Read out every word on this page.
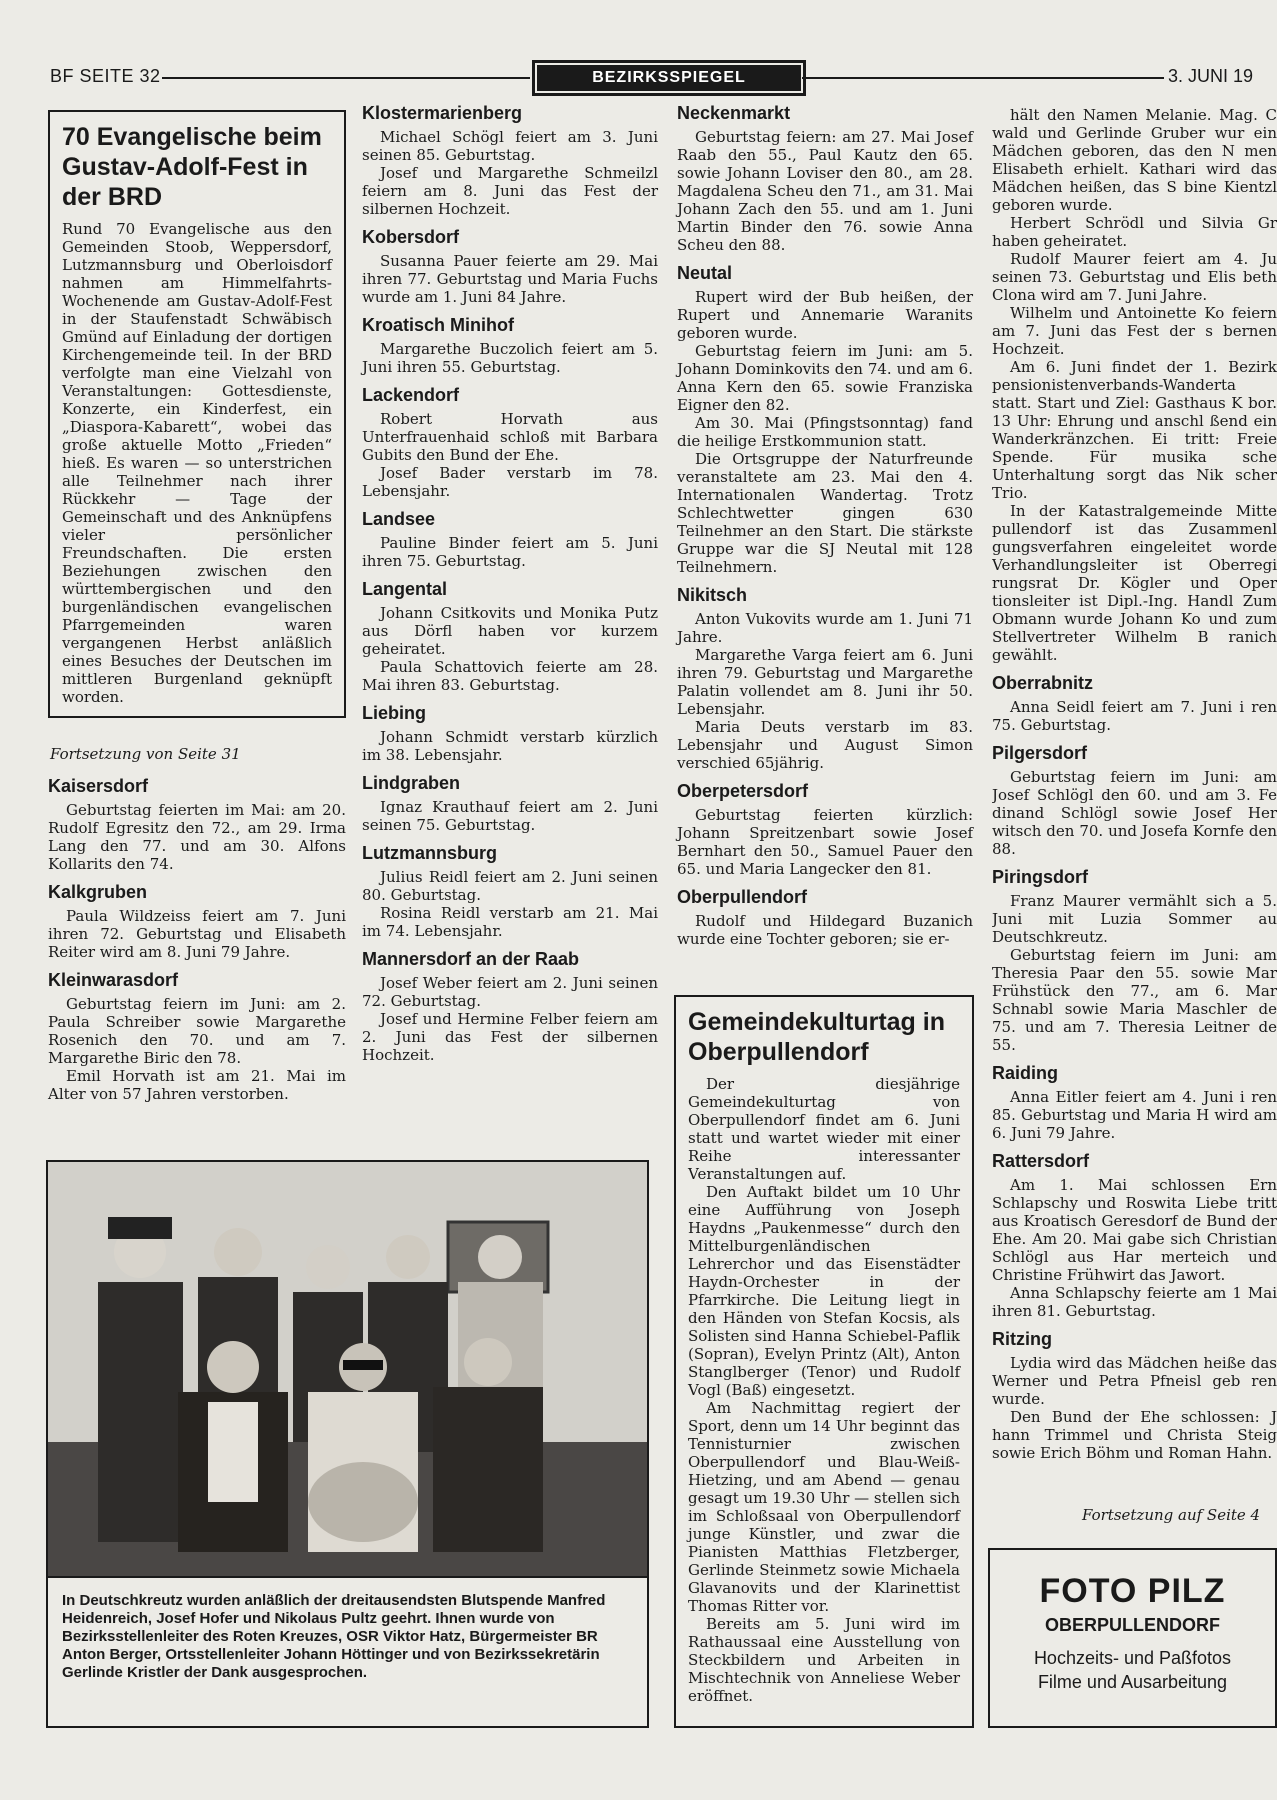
BF SEITE 32	BEZIRKSSPIEGEL	3. JUNI 19
70 Evangelische beim Gustav-Adolf-Fest in der BRD

Rund 70 Evangelische aus den Gemeinden Stoob, Weppersdorf, Lutzmannsburg und Oberloisdorf nahmen am Himmelfahrts-Wochenende am Gustav-Adolf-Fest in der Staufenstadt Schwäbisch Gmünd auf Einladung der dortigen Kirchengemeinde teil. In der BRD verfolgte man eine Vielzahl von Veranstaltungen: Gottesdienste, Konzerte, ein Kinderfest, ein „Diaspora-Kabarett“, wobei das große aktuelle Motto „Frieden“ hieß. Es waren — so unterstrichen alle Teilnehmer nach ihrer Rückkehr — Tage der Gemeinschaft und des Anknüpfens vieler persönlicher Freundschaften. Die ersten Beziehungen zwischen den württembergischen und den burgenländischen evangelischen Pfarrgemeinden waren vergangenen Herbst anläßlich eines Besuches der Deutschen im mittleren Burgenland geknüpft worden.

Fortsetzung von Seite 31
Kaisersdorf

Geburtstag feierten im Mai: am 20. Rudolf Egresitz den 72., am 29. Irma Lang den 77. und am 30. Alfons Kollarits den 74.

Kalkgruben

Paula Wildzeiss feiert am 7. Juni ihren 72. Geburtstag und Elisabeth Reiter wird am 8. Juni 79 Jahre.

Kleinwarasdorf

Geburtstag feiern im Juni: am 2. Paula Schreiber sowie Margarethe Rosenich den 70. und am 7. Margarethe Biric den 78.

Emil Horvath ist am 21. Mai im Alter von 57 Jahren verstorben.

Klostermarienberg

Michael Schögl feiert am 3. Juni seinen 85. Geburtstag.

Josef und Margarethe Schmeilzl feiern am 8. Juni das Fest der silbernen Hochzeit.

Kobersdorf

Susanna Pauer feierte am 29. Mai ihren 77. Geburtstag und Maria Fuchs wurde am 1. Juni 84 Jahre.

Kroatisch Minihof

Margarethe Buczolich feiert am 5. Juni ihren 55. Geburtstag.

Lackendorf

Robert Horvath aus Unterfrauenhaid schloß mit Barbara Gubits den Bund der Ehe.

Josef Bader verstarb im 78. Lebensjahr.

Landsee

Pauline Binder feiert am 5. Juni ihren 75. Geburtstag.

Langental

Johann Csitkovits und Monika Putz aus Dörfl haben vor kurzem geheiratet.

Paula Schattovich feierte am 28. Mai ihren 83. Geburtstag.

Liebing

Johann Schmidt verstarb kürzlich im 38. Lebensjahr.

Lindgraben

Ignaz Krauthauf feiert am 2. Juni seinen 75. Geburtstag.

Lutzmannsburg

Julius Reidl feiert am 2. Juni seinen 80. Geburtstag.

Rosina Reidl verstarb am 21. Mai im 74. Lebensjahr.

Mannersdorf an der Raab

Josef Weber feiert am 2. Juni seinen 72. Geburtstag.

Josef und Hermine Felber feiern am 2. Juni das Fest der silbernen Hochzeit.

Neckenmarkt

Geburtstag feiern: am 27. Mai Josef Raab den 55., Paul Kautz den 65. sowie Johann Loviser den 80., am 28. Magdalena Scheu den 71., am 31. Mai Johann Zach den 55. und am 1. Juni Martin Binder den 76. sowie Anna Scheu den 88.

Neutal

Rupert wird der Bub heißen, der Rupert und Annemarie Waranits geboren wurde.

Geburtstag feiern im Juni: am 5. Johann Dominkovits den 74. und am 6. Anna Kern den 65. sowie Franziska Eigner den 82.

Am 30. Mai (Pfingstsonntag) fand die heilige Erstkommunion statt.

Die Ortsgruppe der Naturfreunde veranstaltete am 23. Mai den 4. Internationalen Wandertag. Trotz Schlechtwetter gingen 630 Teilnehmer an den Start. Die stärkste Gruppe war die SJ Neutal mit 128 Teilnehmern.

Nikitsch

Anton Vukovits wurde am 1. Juni 71 Jahre.

Margarethe Varga feiert am 6. Juni ihren 79. Geburtstag und Margarethe Palatin vollendet am 8. Juni ihr 50. Lebensjahr.

Maria Deuts verstarb im 83. Lebensjahr und August Simon verschied 65jährig.

Oberpetersdorf

Geburtstag feierten kürzlich: Johann Spreitzenbart sowie Josef Bernhart den 50., Samuel Pauer den 65. und Maria Langecker den 81.

Oberpullendorf

Rudolf und Hildegard Buzanich wurde eine Tochter geboren; sie er-

Gemeindekulturtag in Oberpullendorf

Der diesjährige Gemeindekulturtag von Oberpullendorf findet am 6. Juni statt und wartet wieder mit einer Reihe interessanter Veranstaltungen auf.

Den Auftakt bildet um 10 Uhr eine Aufführung von Joseph Haydns „Paukenmesse“ durch den Mittelburgenländischen Lehrerchor und das Eisenstädter Haydn-Orchester in der Pfarrkirche. Die Leitung liegt in den Händen von Stefan Kocsis, als Solisten sind Hanna Schiebel-Paflik (Sopran), Evelyn Printz (Alt), Anton Stanglberger (Tenor) und Rudolf Vogl (Baß) eingesetzt.

Am Nachmittag regiert der Sport, denn um 14 Uhr beginnt das Tennisturnier zwischen Oberpullendorf und Blau-Weiß-Hietzing, und am Abend — genau gesagt um 19.30 Uhr — stellen sich im Schloßsaal von Oberpullendorf junge Künstler, und zwar die Pianisten Matthias Fletzberger, Gerlinde Steinmetz sowie Michaela Glavanovits und der Klarinettist Thomas Ritter vor.

Bereits am 5. Juni wird im Rathaussaal eine Ausstellung von Steckbildern und Arbeiten in Mischtechnik von Anneliese Weber eröffnet.

hält den Namen Melanie. Mag. C wald und Gerlinde Gruber wur ein Mädchen geboren, das den N men Elisabeth erhielt. Kathari wird das Mädchen heißen, das S bine Kientzl geboren wurde.

Herbert Schrödl und Silvia Gr haben geheiratet.

Rudolf Maurer feiert am 4. Ju seinen 73. Geburtstag und Elis beth Clona wird am 7. Juni Jahre.

Wilhelm und Antoinette Ko feiern am 7. Juni das Fest der s bernen Hochzeit.

Am 6. Juni findet der 1. Bezirk pensionistenverbands-Wanderta statt. Start und Ziel: Gasthaus K bor. 13 Uhr: Ehrung und anschl ßend ein Wanderkränzchen. Ei tritt: Freie Spende. Für musika sche Unterhaltung sorgt das Nik scher Trio.

In der Katastralgemeinde Mitte pullendorf ist das Zusammenl gungsverfahren eingeleitet worde Verhandlungsleiter ist Oberregi rungsrat Dr. Kögler und Oper tionsleiter ist Dipl.-Ing. Handl Zum Obmann wurde Johann Ko und zum Stellvertreter Wilhelm B ranich gewählt.

Oberrabnitz

Anna Seidl feiert am 7. Juni i ren 75. Geburtstag.

Pilgersdorf

Geburtstag feiern im Juni: am Josef Schlögl den 60. und am 3. Fe dinand Schlögl sowie Josef Her witsch den 70. und Josefa Kornfe den 88.

Piringsdorf

Franz Maurer vermählt sich a 5. Juni mit Luzia Sommer au Deutschkreutz.

Geburtstag feiern im Juni: am Theresia Paar den 55. sowie Mar Frühstück den 77., am 6. Mar Schnabl sowie Maria Maschler de 75. und am 7. Theresia Leitner de 55.

Raiding

Anna Eitler feiert am 4. Juni i ren 85. Geburtstag und Maria H wird am 6. Juni 79 Jahre.

Rattersdorf

Am 1. Mai schlossen Ern Schlapschy und Roswita Liebe tritt aus Kroatisch Geresdorf de Bund der Ehe. Am 20. Mai gabe sich Christian Schlögl aus Har merteich und Christine Frühwirt das Jawort.

Anna Schlapschy feierte am 1 Mai ihren 81. Geburtstag.

Ritzing

Lydia wird das Mädchen heiße das Werner und Petra Pfneisl geb ren wurde.

Den Bund der Ehe schlossen: J hann Trimmel und Christa Steig sowie Erich Böhm und Roman Hahn.

Fortsetzung auf Seite 4
In Deutschkreutz wurden anläßlich der dreitausendsten Blutspende Manfred Heidenreich, Josef Hofer und Nikolaus Pultz geehrt. Ihnen wurde von Bezirksstellenleiter des Roten Kreuzes, OSR Viktor Hatz, Bürgermeister BR Anton Berger, Ortsstellenleiter Johann Höttinger und von Bezirkssekretärin Gerlinde Kristler der Dank ausgesprochen.
FOTO PILZ
OBERPULLENDORF
Hochzeits- und Paßfotos
Filme und Ausarbeitung
